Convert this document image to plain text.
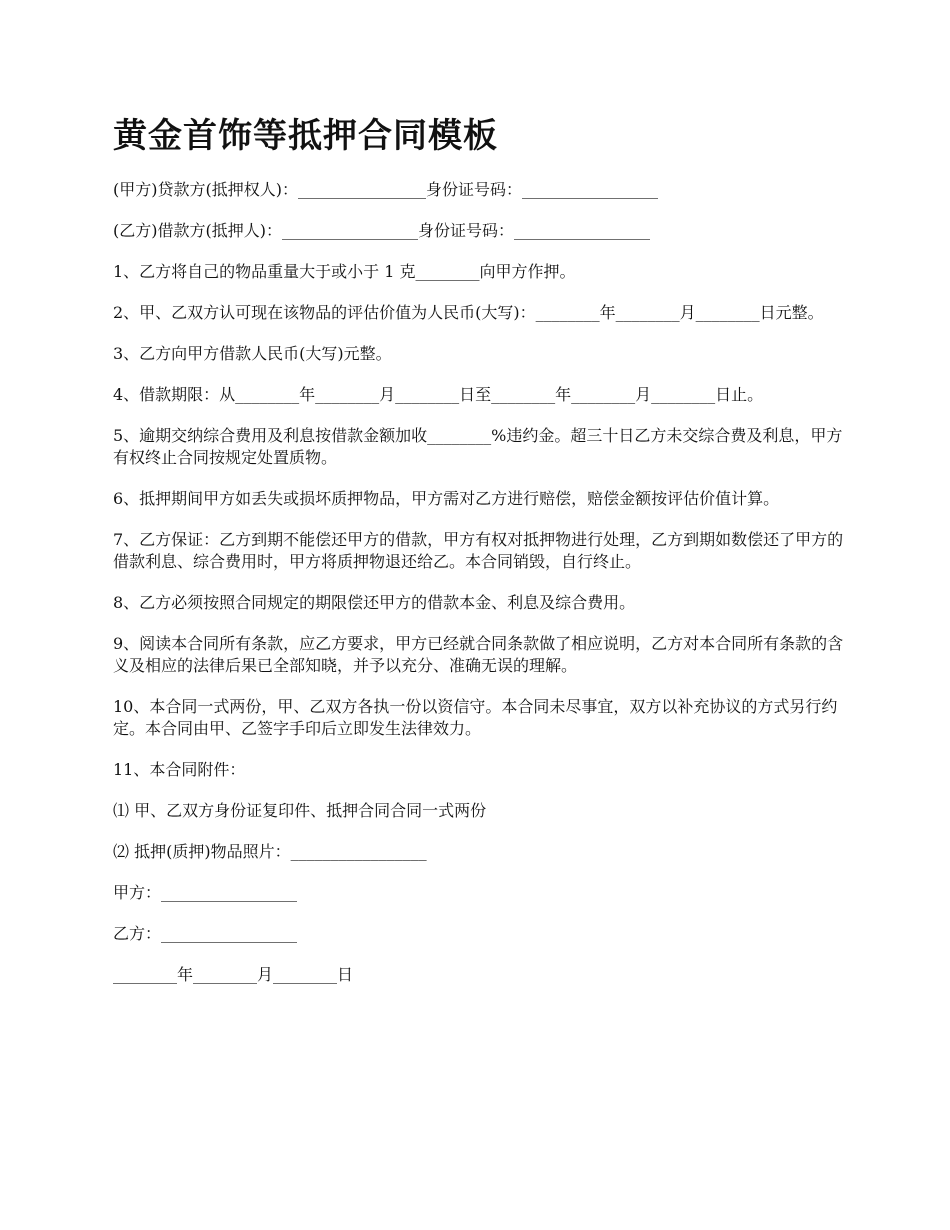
黄金首饰等抵押合同模板

(甲方)贷款方(抵押权人)：________________身份证号码：_________________

(乙方)借款方(抵押人)：_________________身份证号码：_________________

1、乙方将自己的物品重量大于或小于 1 克________向甲方作押。

2、甲、乙双方认可现在该物品的评估价值为人民币(大写)：________年________月________日元整。

3、乙方向甲方借款人民币(大写)元整。

4、借款期限：从________年________月________日至________年________月________日止。

5、逾期交纳综合费用及利息按借款金额加收________%违约金。超三十日乙方未交综合费及利息，甲方有权终止合同按规定处置质物。

6、抵押期间甲方如丢失或损坏质押物品，甲方需对乙方进行赔偿，赔偿金额按评估价值计算。

7、乙方保证：乙方到期不能偿还甲方的借款，甲方有权对抵押物进行处理，乙方到期如数偿还了甲方的借款利息、综合费用时，甲方将质押物退还给乙。本合同销毁，自行终止。

8、乙方必须按照合同规定的期限偿还甲方的借款本金、利息及综合费用。

9、阅读本合同所有条款，应乙方要求，甲方已经就合同条款做了相应说明，乙方对本合同所有条款的含义及相应的法律后果已全部知晓，并予以充分、准确无误的理解。

10、本合同一式两份，甲、乙双方各执一份以资信守。本合同未尽事宜，双方以补充协议的方式另行约定。本合同由甲、乙签字手印后立即发生法律效力。

11、本合同附件：

⑴ 甲、乙双方身份证复印件、抵押合同合同一式两份

⑵ 抵押(质押)物品照片：_________________

甲方：_________________

乙方：_________________

________年________月________日
